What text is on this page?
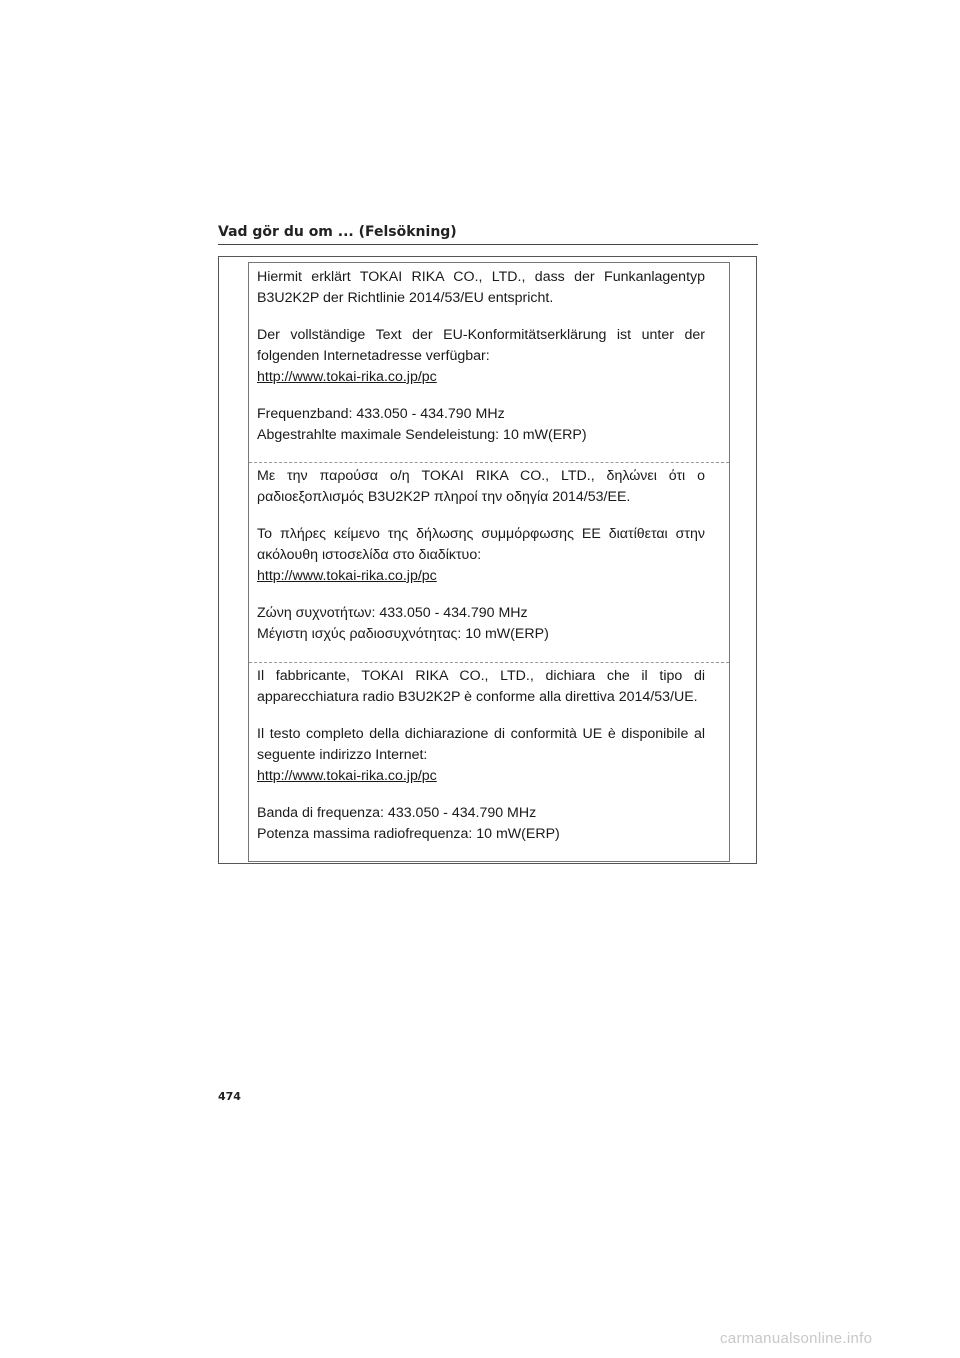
Vad gör du om ... (Felsökning)

Hiermit erklärt TOKAI RIKA CO., LTD., dass der Funkanlagentyp
B3U2K2P der Richtlinie 2014/53/EU entspricht.

Der vollständige Text der EU-Konformitätserklärung ist unter der
folgenden Internetadresse verfügbar:
http://www.tokai-rika.co.jp/pc

Frequenzband: 433.050 - 434.790 MHz
Abgestrahlte maximale Sendeleistung: 10 mW(ERP)

Με την παρούσα ο/η TOKAI RIKA CO., LTD., δηλώνει ότι ο
ραδιοεξοπλισμός B3U2K2P πληροί την οδηγία 2014/53/ΕΕ.

Το πλήρες κείμενο της δήλωσης συμμόρφωσης ΕΕ διατίθεται στην
ακόλουθη ιστοσελίδα στο διαδίκτυο:
http://www.tokai-rika.co.jp/pc

Ζώνη συχνοτήτων: 433.050 - 434.790 MHz
Μέγιστη ισχύς ραδιοσυχνότητας: 10 mW(ERP)

Il fabbricante, TOKAI RIKA CO., LTD., dichiara che il tipo di
apparecchiatura radio B3U2K2P è conforme alla direttiva 2014/53/UE.

Il testo completo della dichiarazione di conformità UE è disponibile al
seguente indirizzo Internet:
http://www.tokai-rika.co.jp/pc

Banda di frequenza: 433.050 - 434.790 MHz
Potenza massima radiofrequenza: 10 mW(ERP)

474
carmanualsonline.info
